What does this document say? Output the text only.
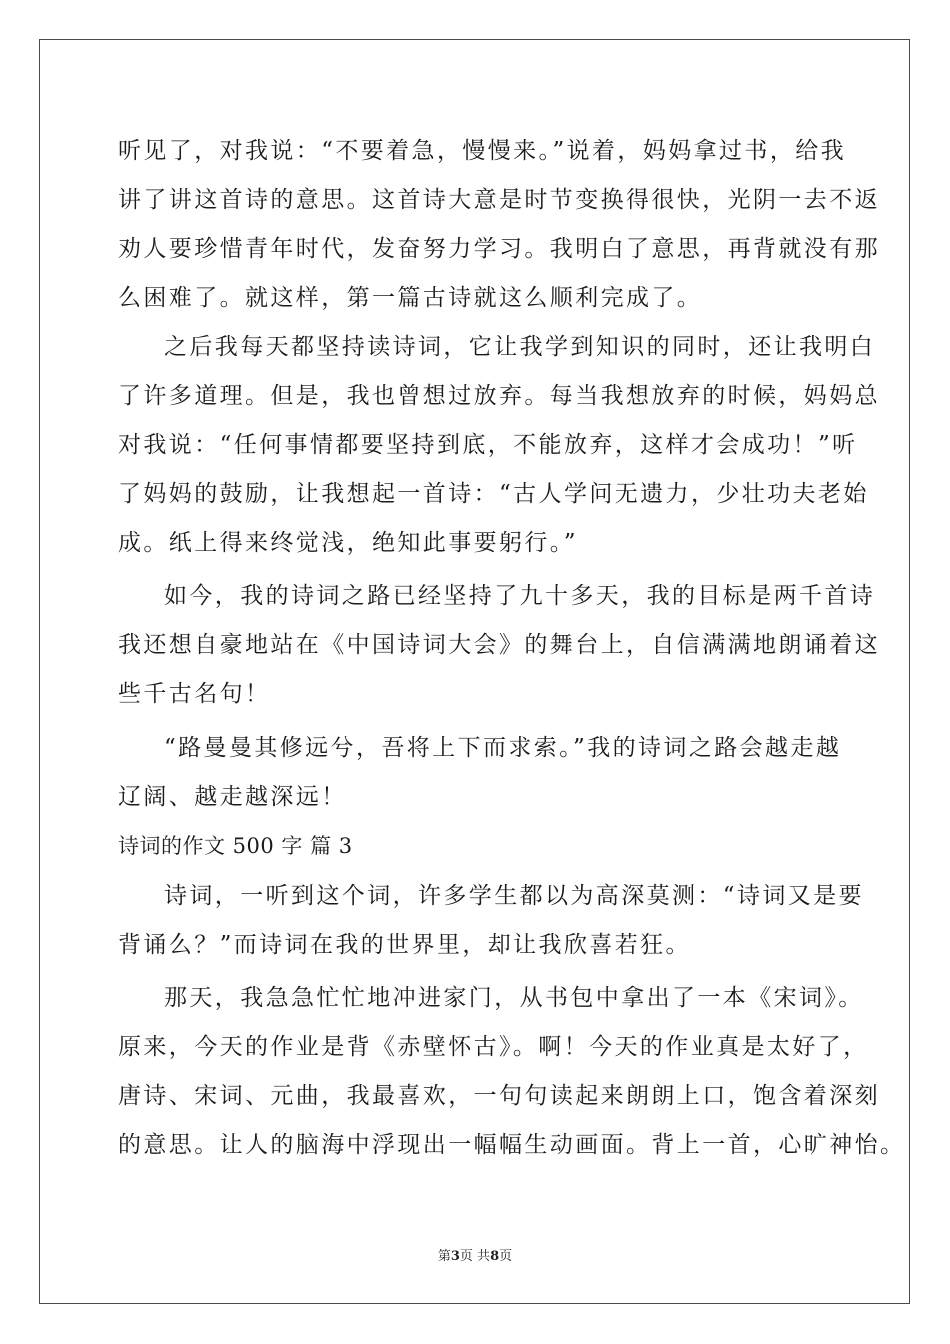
听见了，对我说：“不要着急，慢慢来。”说着，妈妈拿过书，给我

讲了讲这首诗的意思。这首诗大意是时节变换得很快，光阴一去不返

劝人要珍惜青年时代，发奋努力学习。我明白了意思，再背就没有那

么困难了。就这样，第一篇古诗就这么顺利完成了。

之后我每天都坚持读诗词，它让我学到知识的同时，还让我明白

了许多道理。但是，我也曾想过放弃。每当我想放弃的时候，妈妈总

对我说：“任何事情都要坚持到底，不能放弃，这样才会成功！”听

了妈妈的鼓励，让我想起一首诗：“古人学问无遗力，少壮功夫老始

成。纸上得来终觉浅，绝知此事要躬行。”

如今，我的诗词之路已经坚持了九十多天，我的目标是两千首诗

我还想自豪地站在《中国诗词大会》的舞台上，自信满满地朗诵着这

些千古名句！

“路曼曼其修远兮，吾将上下而求索。”我的诗词之路会越走越

辽阔、越走越深远！

诗词的作文 500 字 篇 3

诗词，一听到这个词，许多学生都以为高深莫测：“诗词又是要

背诵么？”而诗词在我的世界里，却让我欣喜若狂。

那天，我急急忙忙地冲进家门，从书包中拿出了一本《宋词》。

原来，今天的作业是背《赤壁怀古》。啊！今天的作业真是太好了，

唐诗、宋词、元曲，我最喜欢，一句句读起来朗朗上口，饱含着深刻

的意思。让人的脑海中浮现出一幅幅生动画面。背上一首，心旷神怡。

第3页 共8页
